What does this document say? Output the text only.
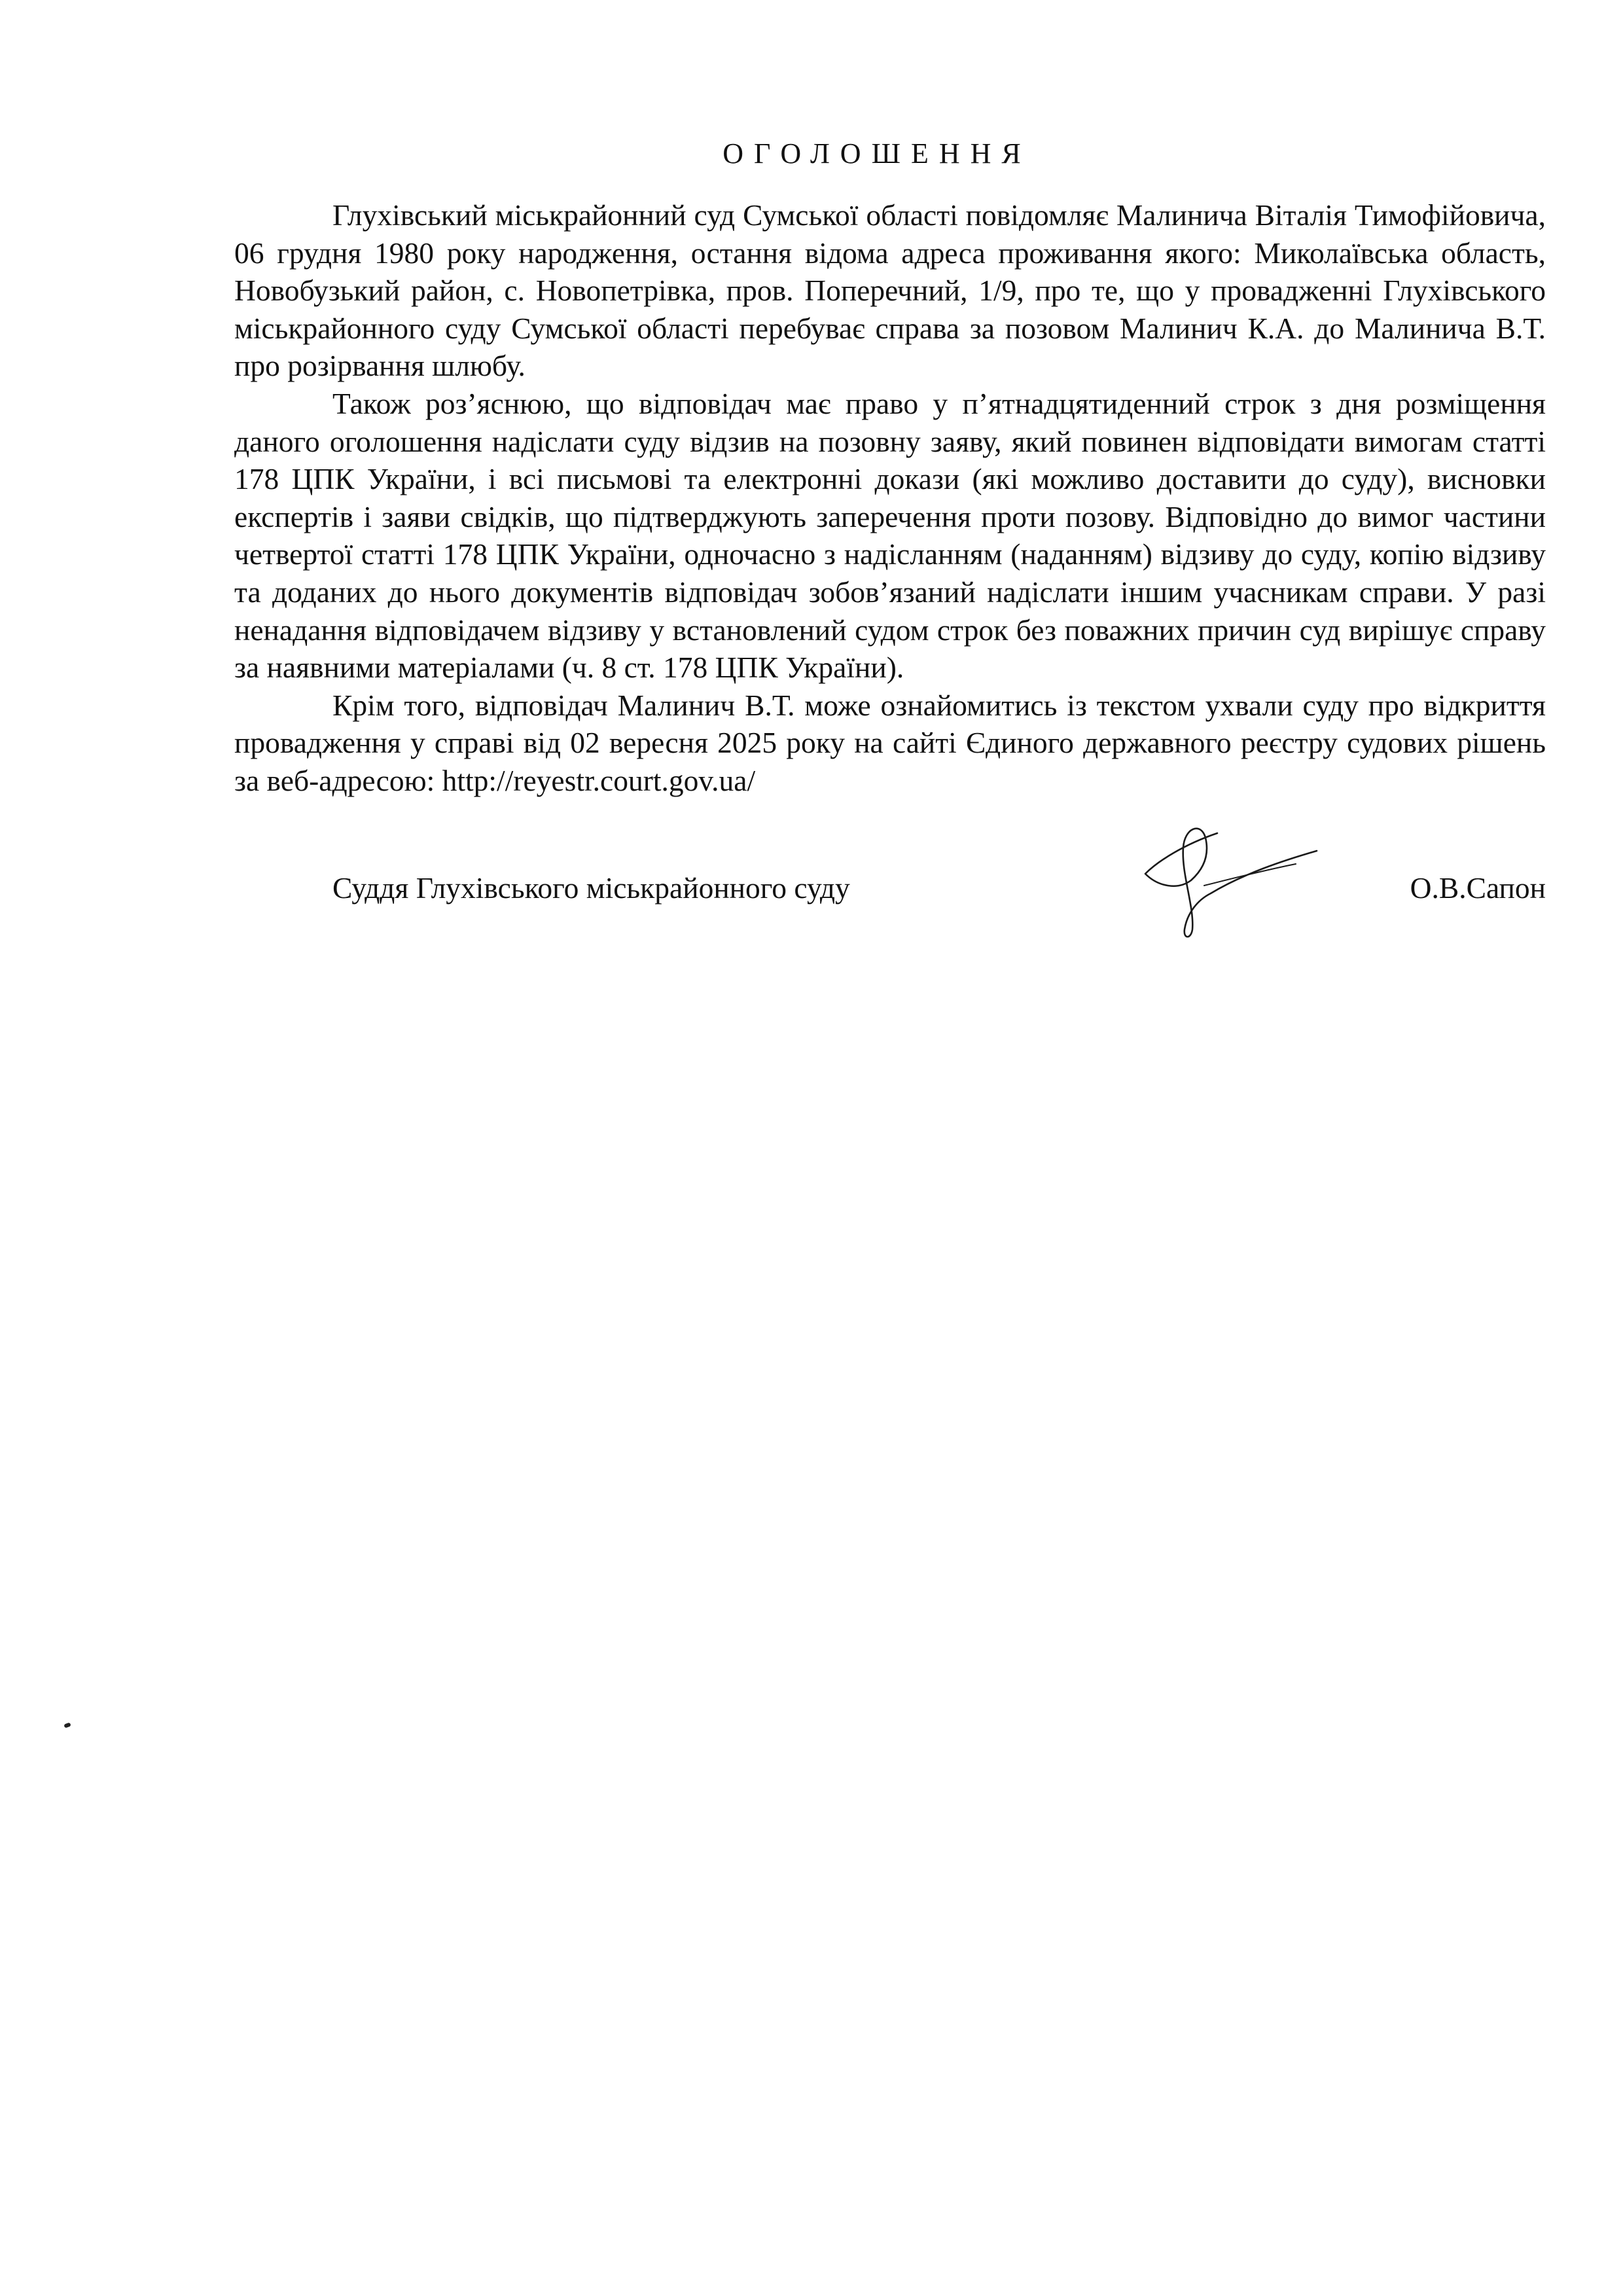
ОГОЛОШЕННЯ

Глухівський міськрайонний суд Сумської області повідомляє Малинича Віталія Тимофійовича, 06 грудня 1980 року народження, остання відома адреса проживання якого: Миколаївська область, Новобузький район, с. Новопетрівка, пров. Поперечний, 1/9, про те, що у провадженні Глухівського міськрайонного суду Сумської області перебуває справа за позовом Малинич К.А. до Малинича В.Т. про розірвання шлюбу.

Також роз’яснюю, що відповідач має право у п’ятнадцятиденний строк з дня розміщення даного оголошення надіслати суду відзив на позовну заяву, який повинен відповідати вимогам статті 178 ЦПК України, і всі письмові та електронні докази (які можливо доставити до суду), висновки експертів і заяви свідків, що підтверджують заперечення проти позову. Відповідно до вимог частини четвертої статті 178 ЦПК України, одночасно з надісланням (наданням) відзиву до суду, копію відзиву та доданих до нього документів відповідач зобов’язаний надіслати іншим учасникам справи. У разі ненадання відповідачем відзиву у встановлений судом строк без поважних причин суд вирішує справу за наявними матеріалами (ч. 8 ст. 178 ЦПК України).

Крім того, відповідач Малинич В.Т. може ознайомитись із текстом ухвали суду про відкриття провадження у справі від 02 вересня 2025 року на сайті Єдиного державного реєстру судових рішень за веб-адресою: http://reyestr.court.gov.ua/

Суддя Глухівського міськрайонного суду	О.В.Сапон
